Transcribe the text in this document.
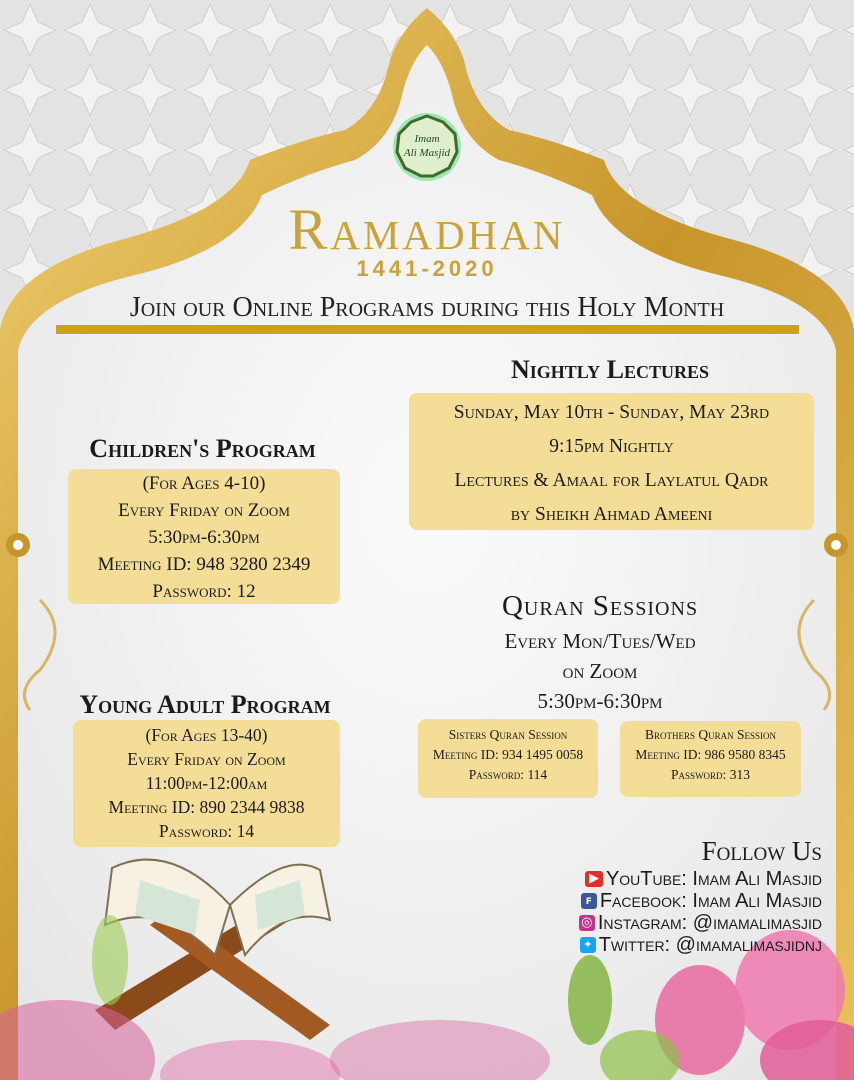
Imam
Ali Masjid
Ramadhan
1441-2020
Join our Online Programs during this Holy Month
Nightly Lectures
Sunday, May 10th - Sunday, May 23rd
9:15pm Nightly
Lectures & Amaal for Laylatul Qadr
by Sheikh Ahmad Ameeni
Children's Program
(For Ages 4-10)
Every Friday on Zoom
5:30pm-6:30pm
Meeting ID: 948 3280 2349
Password: 12
Young Adult Program
(For Ages 13-40)
Every Friday on Zoom
11:00pm-12:00am
Meeting ID: 890 2344 9838
Password: 14
Quran Sessions
Every Mon/Tues/Wed
on Zoom
5:30pm-6:30pm
Sisters Quran Session
Meeting ID: 934 1495 0058
Password: 114
Brothers Quran Session
Meeting ID: 986 9580 8345
Password: 313
Follow Us
▶ YouTube: Imam Ali Masjid
f Facebook: Imam Ali Masjid
◎ Instagram: @imamalimasjid
✦ Twitter: @imamalimasjidnj
